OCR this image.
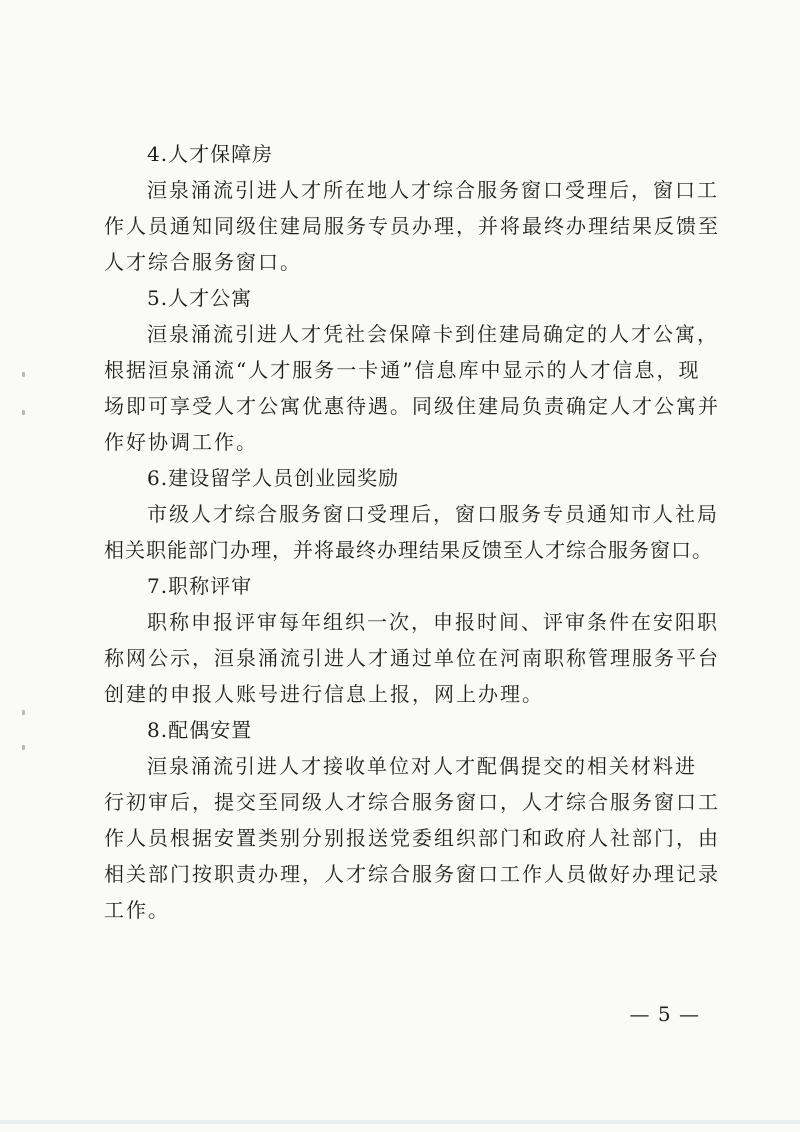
4.人才保障房

洹泉涌流引进人才所在地人才综合服务窗口受理后，窗口工
作人员通知同级住建局服务专员办理，并将最终办理结果反馈至
人才综合服务窗口。

5.人才公寓

洹泉涌流引进人才凭社会保障卡到住建局确定的人才公寓，
根据洹泉涌流“人才服务一卡通”信息库中显示的人才信息，现
场即可享受人才公寓优惠待遇。同级住建局负责确定人才公寓并
作好协调工作。

6.建设留学人员创业园奖励

市级人才综合服务窗口受理后，窗口服务专员通知市人社局
相关职能部门办理，并将最终办理结果反馈至人才综合服务窗口。

7.职称评审

职称申报评审每年组织一次，申报时间、评审条件在安阳职
称网公示，洹泉涌流引进人才通过单位在河南职称管理服务平台
创建的申报人账号进行信息上报，网上办理。

8.配偶安置

洹泉涌流引进人才接收单位对人才配偶提交的相关材料进
行初审后，提交至同级人才综合服务窗口，人才综合服务窗口工
作人员根据安置类别分别报送党委组织部门和政府人社部门，由
相关部门按职责办理，人才综合服务窗口工作人员做好办理记录
工作。

— 5 —
